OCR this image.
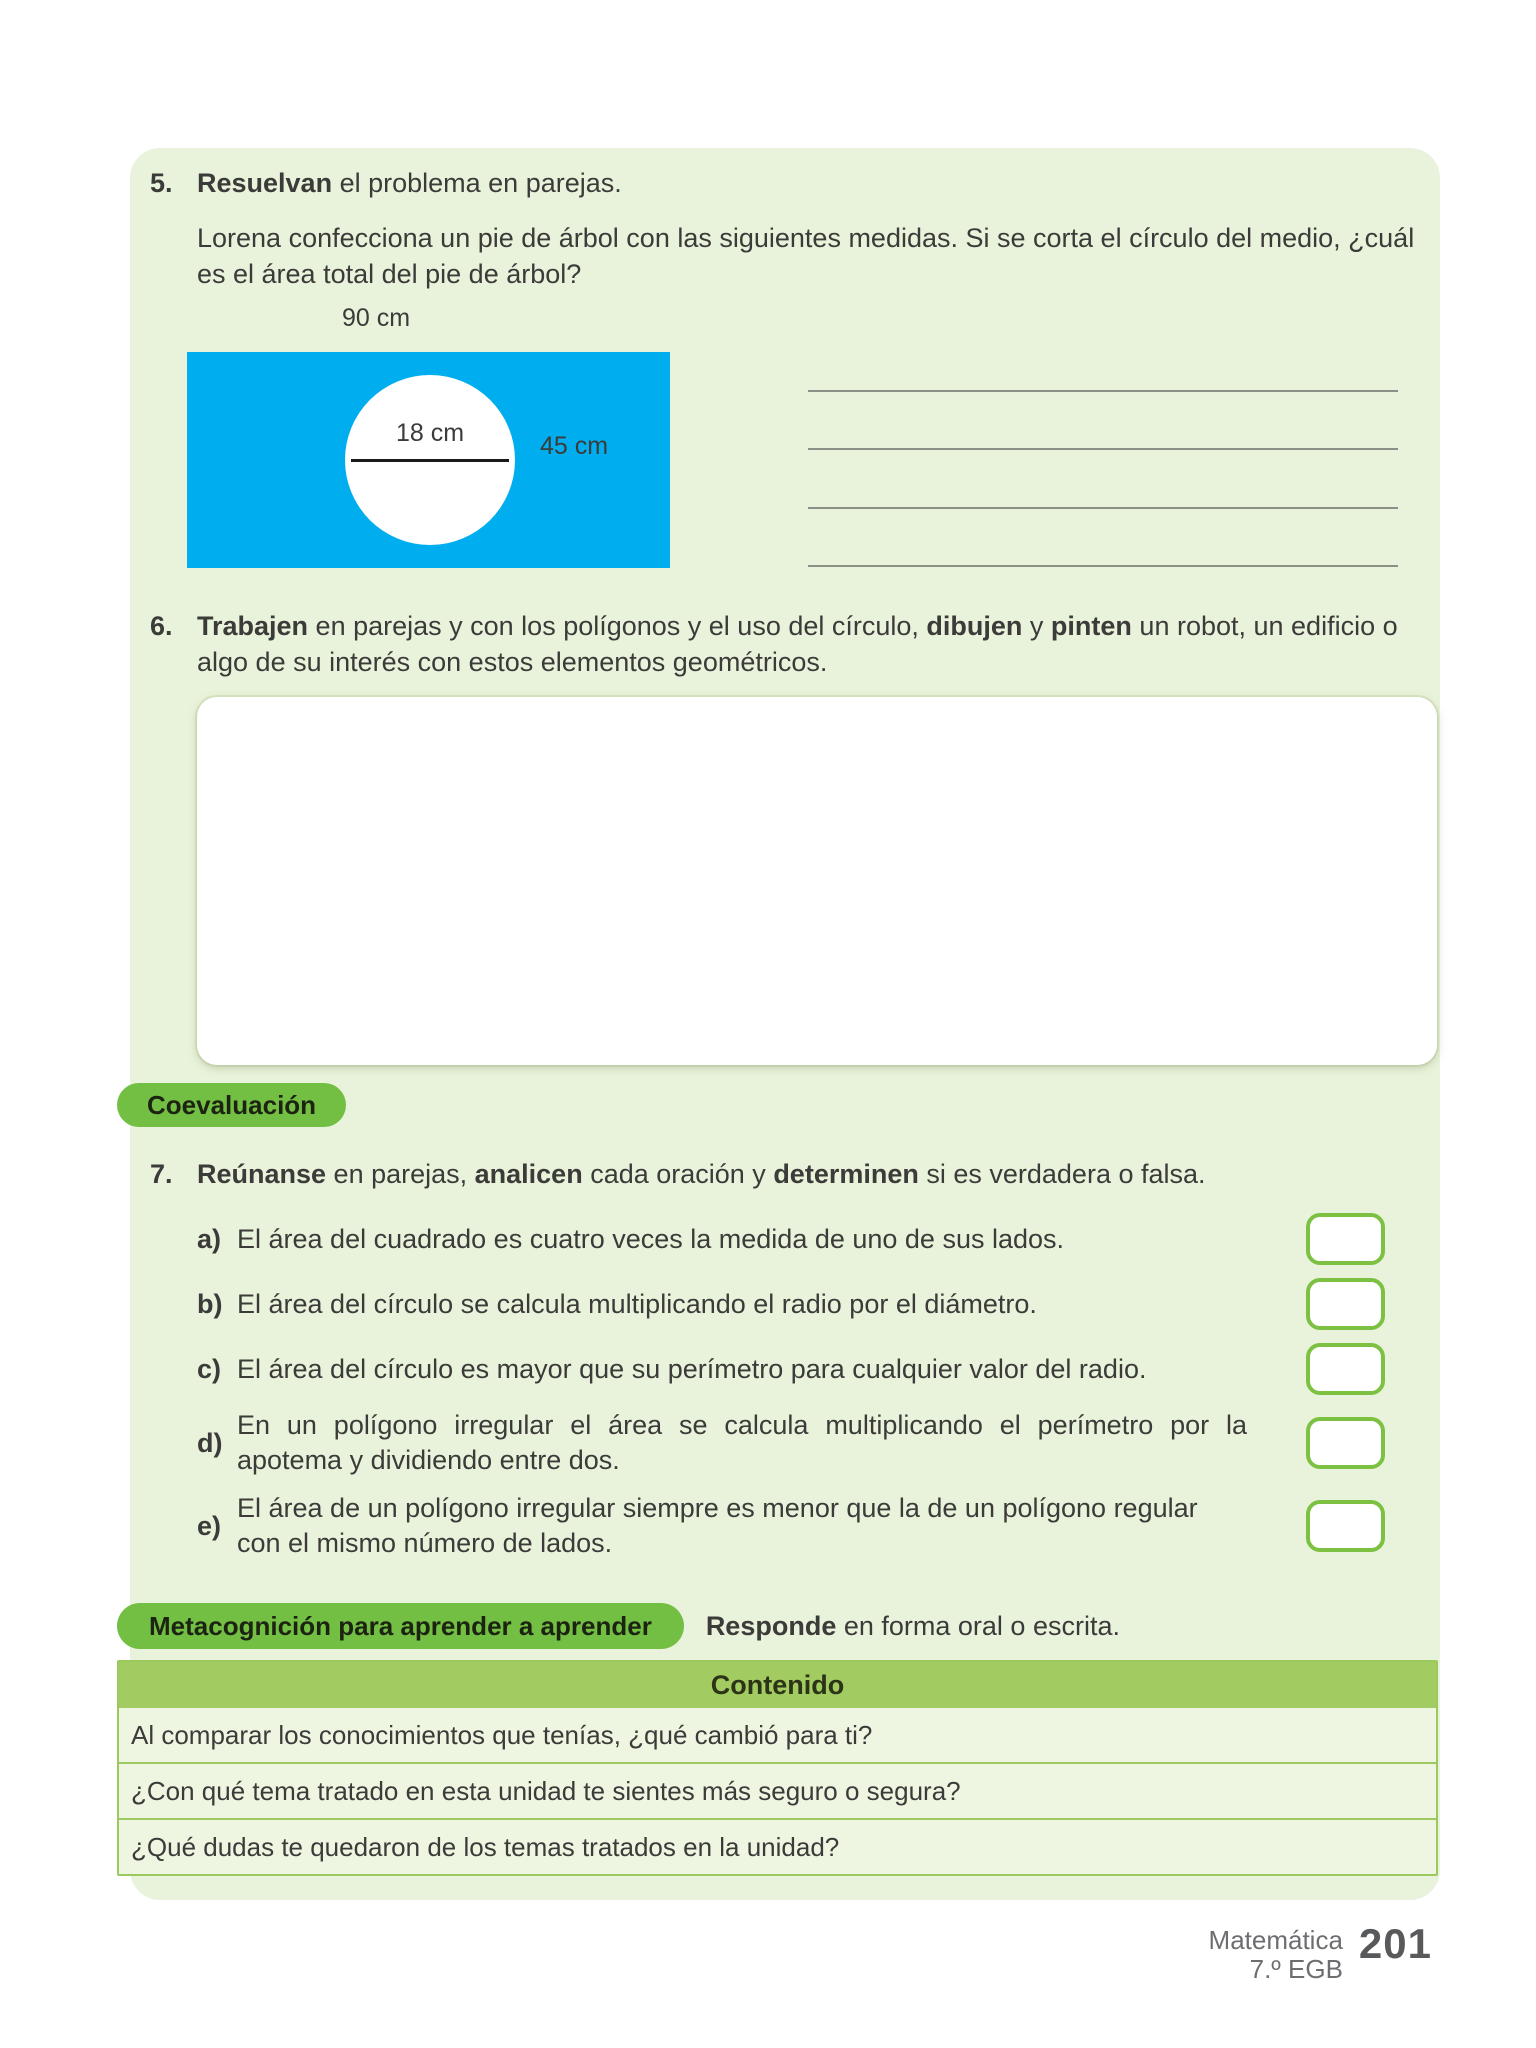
5. Resuelvan el problema en parejas.
Lorena confecciona un pie de árbol con las siguientes medidas. Si se corta el círculo del medio, ¿cuál es el área total del pie de árbol?
90 cm
18 cm	45 cm
6. Trabajen en parejas y con los polígonos y el uso del círculo, dibujen y pinten un robot, un edificio o algo de su interés con estos elementos geométricos.
Coevaluación
7. Reúnanse en parejas, analicen cada oración y determinen si es verdadera o falsa.
a) El área del cuadrado es cuatro veces la medida de uno de sus lados.
b) El área del círculo se calcula multiplicando el radio por el diámetro.
c) El área del círculo es mayor que su perímetro para cualquier valor del radio.
d)
En un polígono irregular el área se calcula multiplicando el perímetro por la apotema y dividiendo entre dos.
e)
El área de un polígono irregular siempre es menor que la de un polígono regular con el mismo número de lados.
Metacognición para aprender a aprender	Responde en forma oral o escrita.
Contenido
Al comparar los conocimientos que tenías, ¿qué cambió para ti?
¿Con qué tema tratado en esta unidad te sientes más seguro o segura?
¿Qué dudas te quedaron de los temas tratados en la unidad?
Matemática
7.º EGB
201
